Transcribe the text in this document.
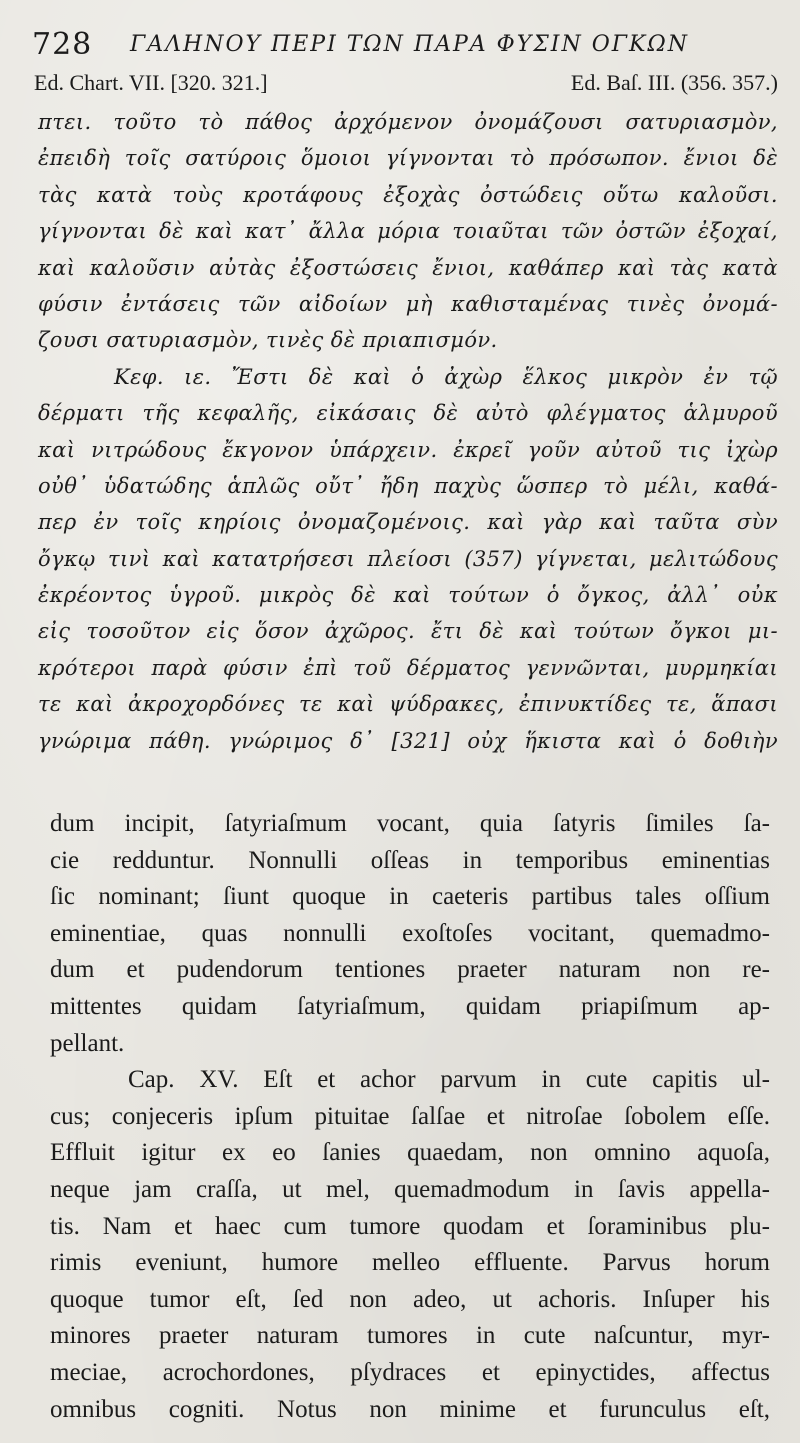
728 ΓΑΛΗΝΟΥ ΠΕΡΙ ΤΩΝ ΠΑΡΑ ΦΥΣΙΝ ΟΓΚΩΝ
Ed. Chart. VII. [320. 321.]	Ed. Baſ. III. (356. 357.)
πτει. τοῦτο τὸ πάθος ἀρχόμενον ὀνομάζουσι σατυριασμὸν,
ἐπειδὴ τοῖς σατύροις ὅμοιοι γίγνονται τὸ πρόσωπον. ἔνιοι δὲ
τὰς κατὰ τοὺς κροτάφους ἐξοχὰς ὀστώδεις οὕτω καλοῦσι.
γίγνονται δὲ καὶ κατ᾽ ἄλλα μόρια τοιαῦται τῶν ὀστῶν ἐξοχαί,
καὶ καλοῦσιν αὐτὰς ἐξοστώσεις ἔνιοι, καθάπερ καὶ τὰς κατὰ
φύσιν ἐντάσεις τῶν αἰδοίων μὴ καθισταμένας τινὲς ὀνομά-
ζουσι σατυριασμὸν, τινὲς δὲ πριαπισμόν.
Κεφ. ιε. Ἔστι δὲ καὶ ὁ ἀχὼρ ἕλκος μικρὸν ἐν τῷ
δέρματι τῆς κεφαλῆς, εἰκάσαις δὲ αὐτὸ φλέγματος ἁλμυροῦ
καὶ νιτρώδους ἔκγονον ὑπάρχειν. ἐκρεῖ γοῦν αὐτοῦ τις ἰχὼρ
οὐθ᾽ ὑδατώδης ἁπλῶς οὔτ᾽ ἤδη παχὺς ὥσπερ τὸ μέλι, καθά-
περ ἐν τοῖς κηρίοις ὀνομαζομένοις. καὶ γὰρ καὶ ταῦτα σὺν
ὄγκῳ τινὶ καὶ κατατρήσεσι πλείοσι (357) γίγνεται, μελιτώδους
ἐκρέοντος ὑγροῦ. μικρὸς δὲ καὶ τούτων ὁ ὄγκος, ἀλλ᾽ οὐκ
εἰς τοσοῦτον εἰς ὅσον ἀχῶρος. ἔτι δὲ καὶ τούτων ὄγκοι μι-
κρότεροι παρὰ φύσιν ἐπὶ τοῦ δέρματος γεννῶνται, μυρμηκίαι
τε καὶ ἀκροχορδόνες τε καὶ ψύδρακες, ἐπινυκτίδες τε, ἅπασι
γνώριμα πάθη. γνώριμος δ᾽ [321] οὐχ ἥκιστα καὶ ὁ δοθιὴν
dum incipit, ſatyriaſmum vocant, quia ſatyris ſimiles ſa-
cie redduntur. Nonnulli oſſeas in temporibus eminentias
ſic nominant; ſiunt quoque in caeteris partibus tales oſſium
eminentiae, quas nonnulli exoſtoſes vocitant, quemadmo-
dum et pudendorum tentiones praeter naturam non re-
mittentes quidam ſatyriaſmum, quidam priapiſmum ap-
pellant.
Cap. XV. Eſt et achor parvum in cute capitis ul-
cus; conjeceris ipſum pituitae ſalſae et nitroſae ſobolem eſſe.
Effluit igitur ex eo ſanies quaedam, non omnino aquoſa,
neque jam craſſa, ut mel, quemadmodum in ſavis appella-
tis. Nam et haec cum tumore quodam et ſoraminibus plu-
rimis eveniunt, humore melleo effluente. Parvus horum
quoque tumor eſt, ſed non adeo, ut achoris. Inſuper his
minores praeter naturam tumores in cute naſcuntur, myr-
meciae, acrochordones, pſydraces et epinyctides, affectus
omnibus cogniti. Notus non minime et furunculus eſt,
